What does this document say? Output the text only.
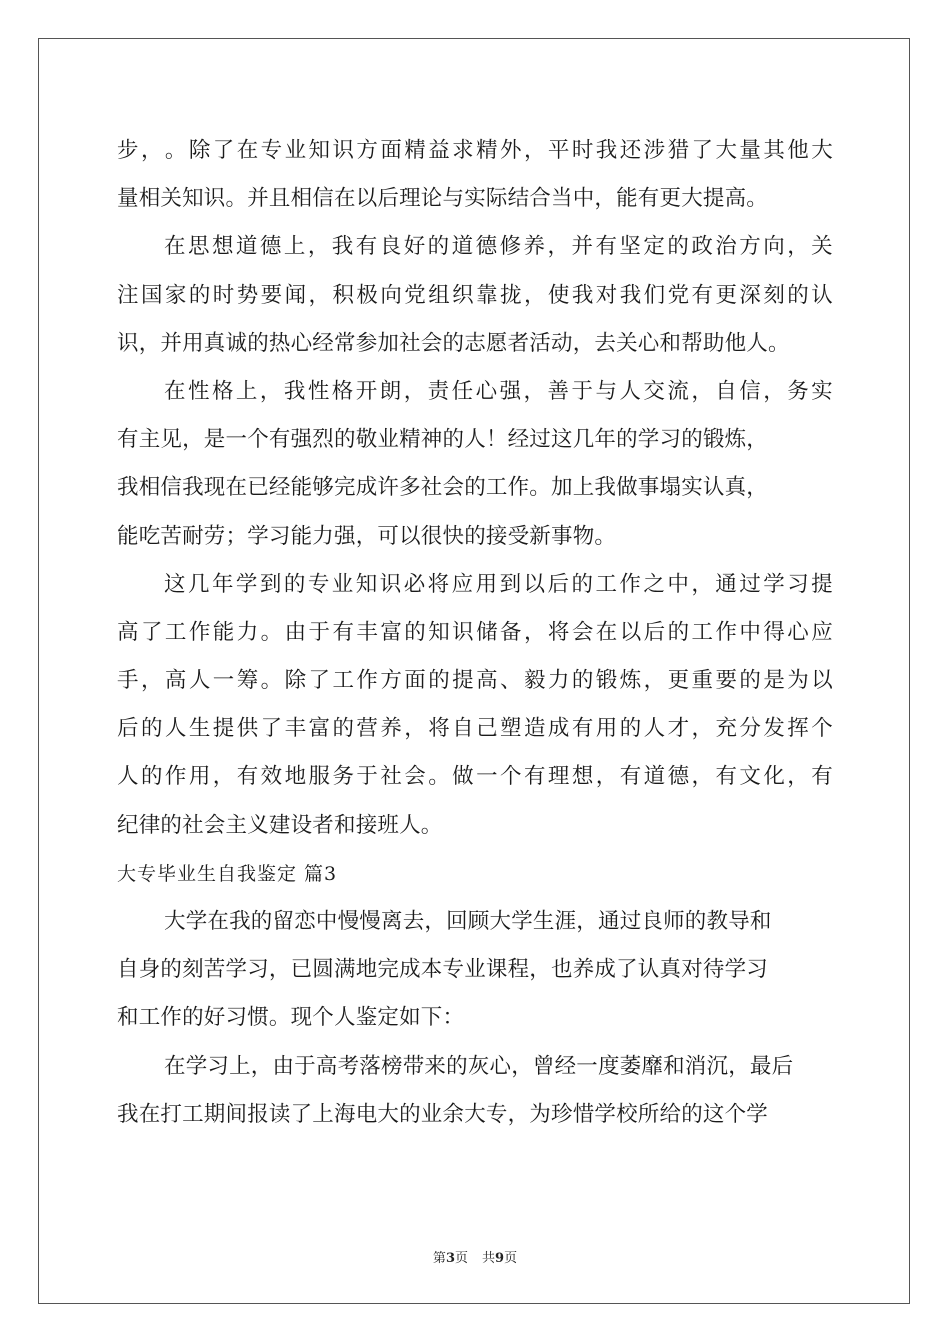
步 ， 。 除 了 在 专 业 知 识 方 面 精 益 求 精 外 ， 平 时 我 还 涉 猎 了 大 量 其 他 大
量相关知识。并且相信在以后理论与实际结合当中，能有更大提高。
在 思 想 道 德 上 ， 我 有 良 好 的 道 德 修 养 ， 并 有 坚 定 的 政 治 方 向 ， 关
注 国 家 的 时 势 要 闻 ， 积 极 向 党 组 织 靠 拢 ， 使 我 对 我 们 党 有 更 深 刻 的 认
识，并用真诚的热心经常参加社会的志愿者活动，去关心和帮助他人。
在 性 格 上 ， 我 性 格 开 朗 ， 责 任 心 强 ， 善 于 与 人 交 流 ， 自 信 ， 务 实
有主见，是一个有强烈的敬业精神的人！经过这几年的学习的锻炼，
我相信我现在已经能够完成许多社会的工作。加上我做事塌实认真，
能吃苦耐劳；学习能力强，可以很快的接受新事物。
这 几 年 学 到 的 专 业 知 识 必 将 应 用 到 以 后 的 工 作 之 中 ， 通 过 学 习 提
高 了 工 作 能 力 。 由 于 有 丰 富 的 知 识 储 备 ， 将 会 在 以 后 的 工 作 中 得 心 应
手 ， 高 人 一 筹 。 除 了 工 作 方 面 的 提 高 、 毅 力 的 锻 炼 ， 更 重 要 的 是 为 以
后 的 人 生 提 供 了 丰 富 的 营 养 ， 将 自 己 塑 造 成 有 用 的 人 才 ， 充 分 发 挥 个
人 的 作 用 ， 有 效 地 服 务 于 社 会 。 做 一 个 有 理 想 ， 有 道 德 ， 有 文 化 ， 有
纪律的社会主义建设者和接班人。
大专毕业生自我鉴定 篇3
大学在我的留恋中慢慢离去，回顾大学生涯，通过良师的教导和
自身的刻苦学习，已圆满地完成本专业课程，也养成了认真对待学习
和工作的好习惯。现个人鉴定如下：
在学习上，由于高考落榜带来的灰心，曾经一度萎靡和消沉，最后
我在打工期间报读了上海电大的业余大专，为珍惜学校所给的这个学
第3页 共9页
